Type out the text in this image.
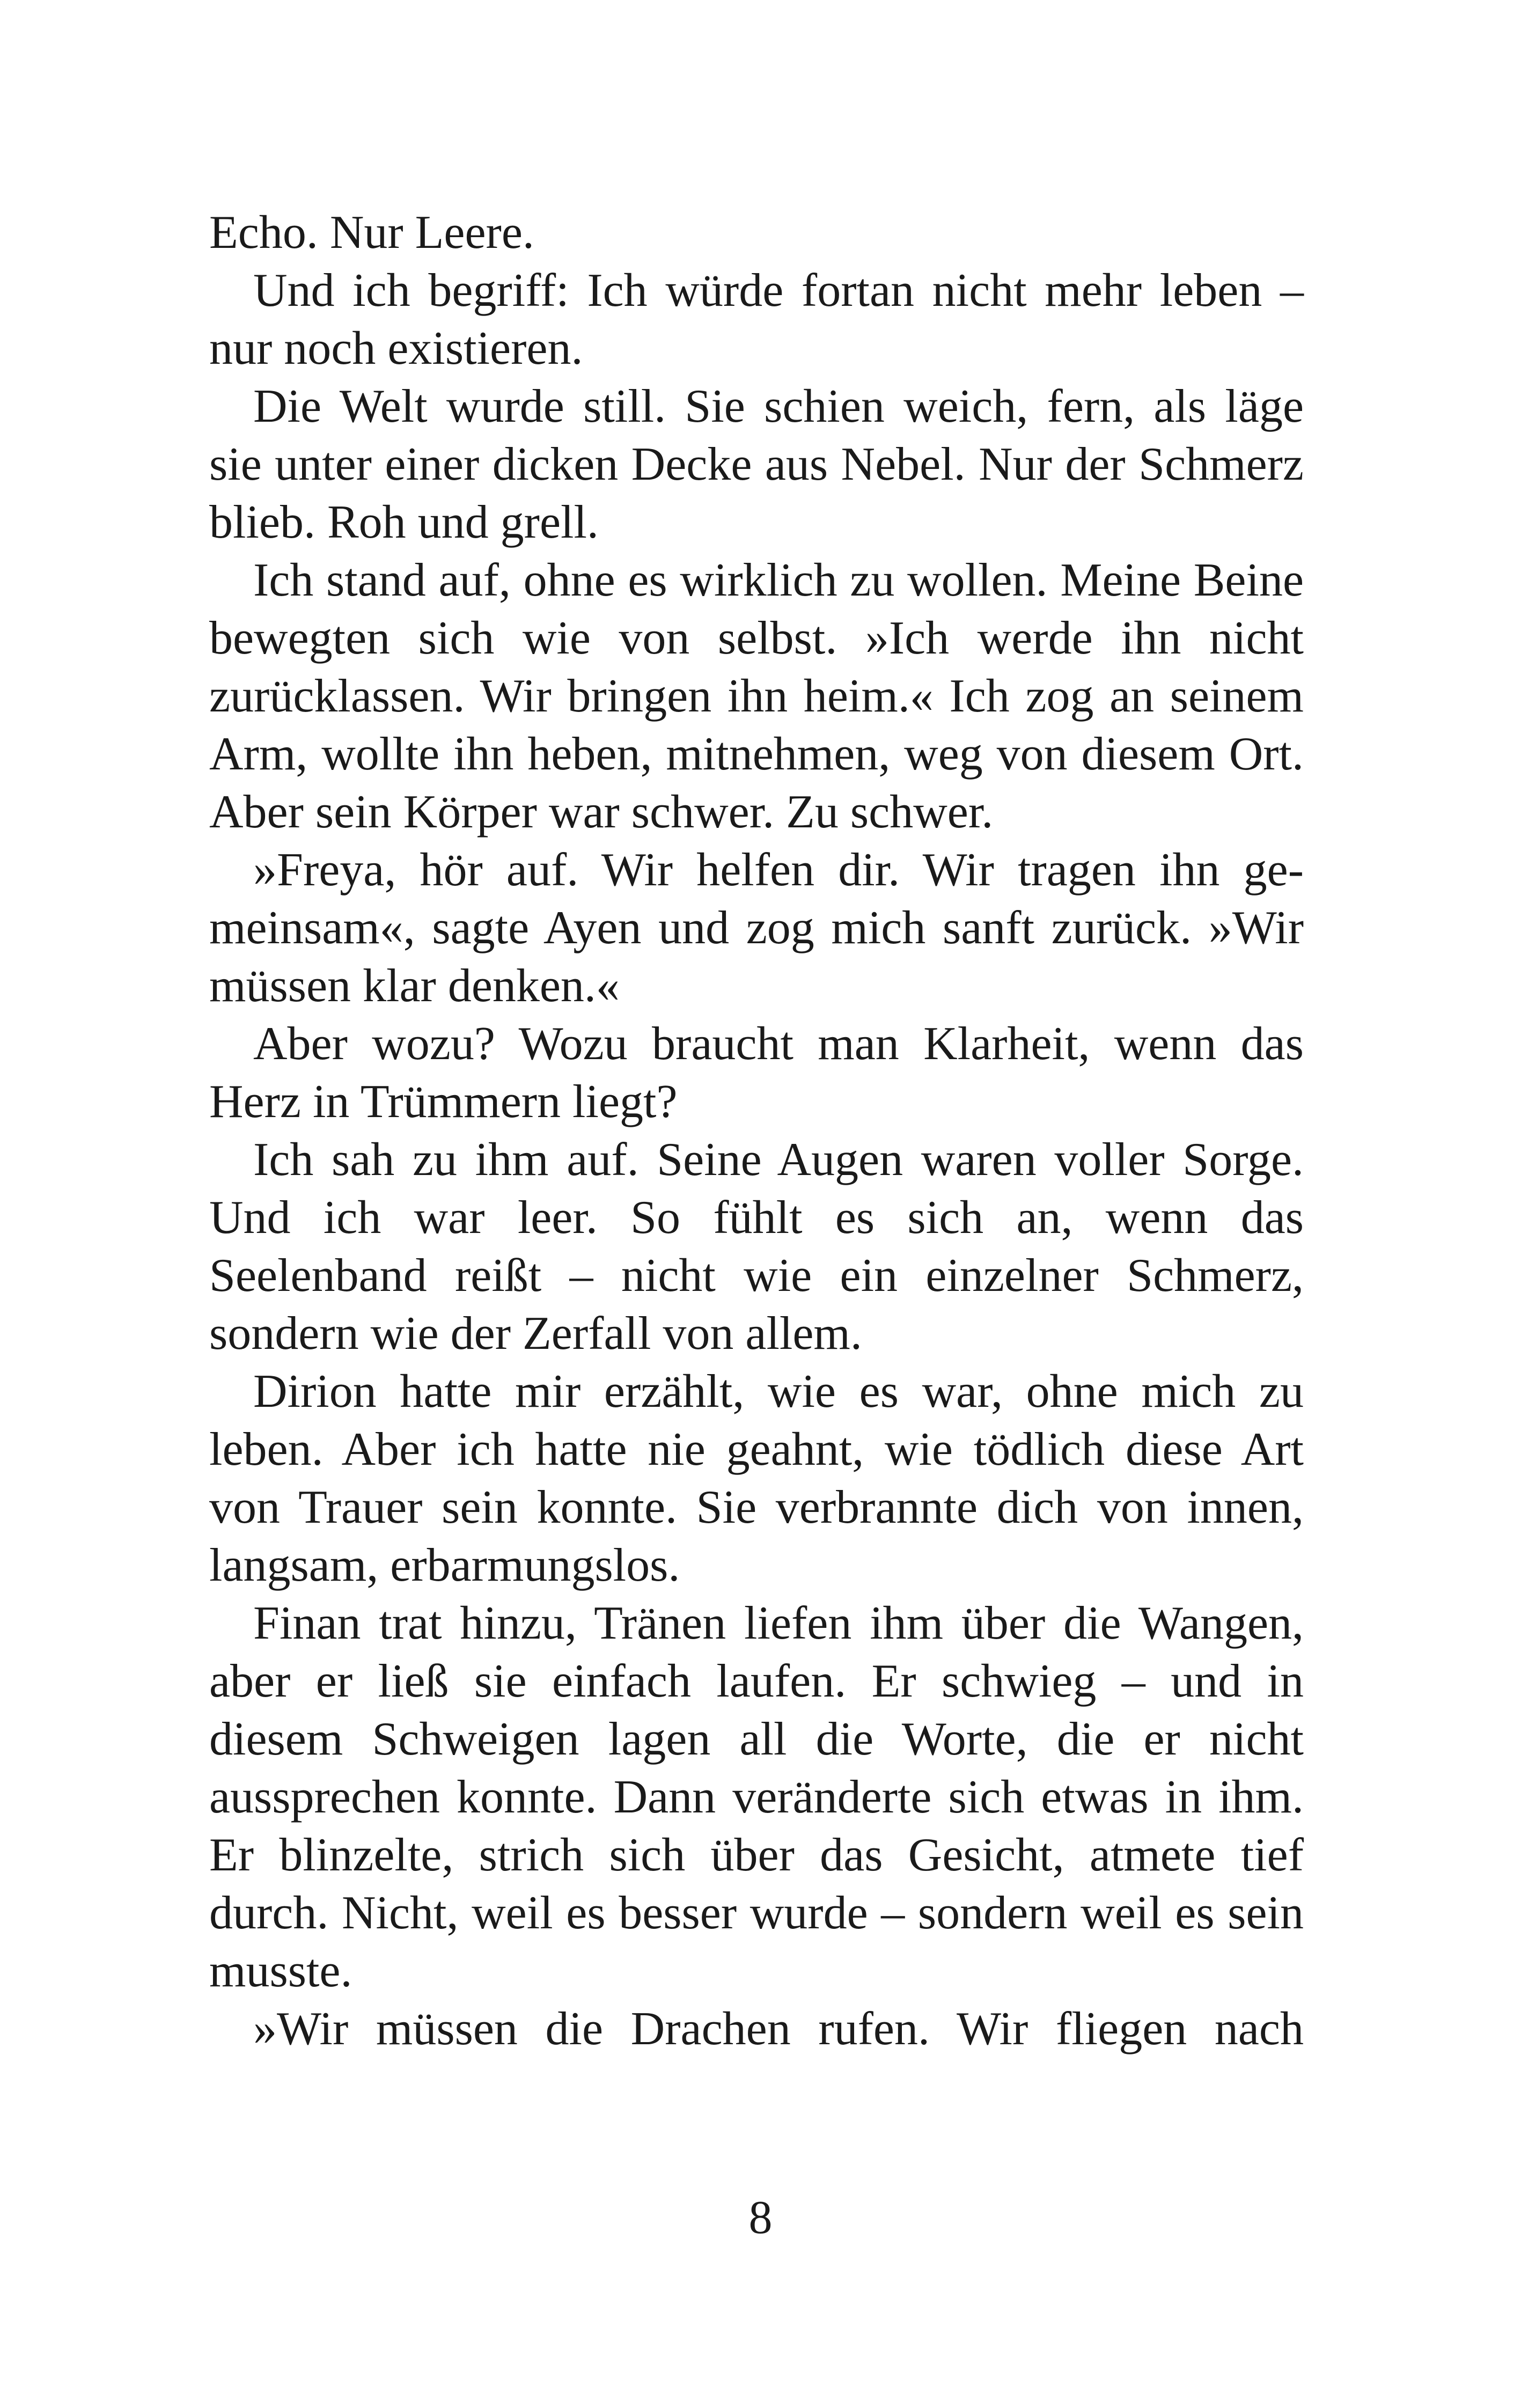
Echo. Nur Leere.

Und ich begriff: Ich würde fortan nicht mehr leben – nur noch existieren.

Die Welt wurde still. Sie schien weich, fern, als läge sie unter einer dicken Decke aus Nebel. Nur der Schmerz blieb. Roh und grell.

Ich stand auf, ohne es wirklich zu wollen. Meine Beine bewegten sich wie von selbst. »Ich werde ihn nicht zurücklassen. Wir bringen ihn heim.« Ich zog an seinem Arm, wollte ihn heben, mitnehmen, weg von diesem Ort. Aber sein Körper war schwer. Zu schwer.

»Freya, hör auf. Wir helfen dir. Wir tragen ihn gemeinsam«, sagte Ayen und zog mich sanft zurück. »Wir müssen klar denken.«

Aber wozu? Wozu braucht man Klarheit, wenn das Herz in Trümmern liegt?

Ich sah zu ihm auf. Seine Augen waren voller Sorge. Und ich war leer. So fühlt es sich an, wenn das Seelenband reißt – nicht wie ein einzelner Schmerz, sondern wie der Zerfall von allem.

Dirion hatte mir erzählt, wie es war, ohne mich zu leben. Aber ich hatte nie geahnt, wie tödlich diese Art von Trauer sein konnte. Sie verbrannte dich von innen, langsam, erbarmungslos.

Finan trat hinzu, Tränen liefen ihm über die Wangen, aber er ließ sie einfach laufen. Er schwieg – und in diesem Schweigen lagen all die Worte, die er nicht aussprechen konnte. Dann veränderte sich etwas in ihm. Er blinzelte, strich sich über das Gesicht, atmete tief durch. Nicht, weil es besser wurde – sondern weil es sein musste.

»Wir müssen die Drachen rufen. Wir fliegen nach

8
